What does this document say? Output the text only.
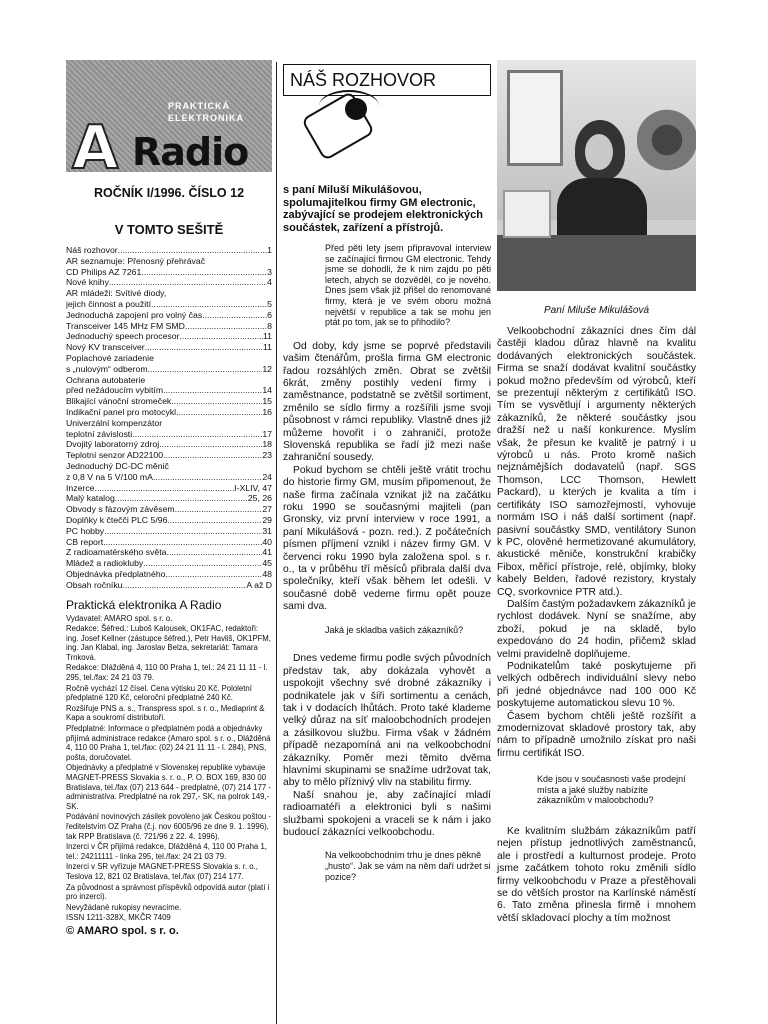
PRAKTICKÁ
ELEKTRONIKA
A Radio
ROČNÍK I/1996. ČÍSLO 12
V TOMTO SEŠITĚ
Náš rozhovor .....	1
AR seznamuje: Přenosný přehrávač
CD Philips AZ 7261 .....	3
Nové knihy .....	4
AR mládeži: Svítivé diody,
jejich činnost a použití .....	5
Jednoduchá zapojení pro volný čas .....	6
Transceiver 145 MHz FM SMD .....	8
Jednoduchý speech procesor .....	11
Nový KV transceiver .....	11
Poplachové zariadenie
s „nulovým“ odberom .....	12
Ochrana autobaterie
před nežádoucím vybitím .....	14
Blikající vánoční stromeček .....	15
Indikační panel pro motocykl .....	16
Univerzální kompenzátor
teplotní závislosti .....	17
Dvojitý laboratorný zdroj .....	18
Teplotní senzor AD22100 .....	23
Jednoduchý DC-DC měnič
z 0,8 V na 5 V/100 mA .....	24
Inzerce .....	I-XLIV, 47
Malý katalog .....	25, 26
Obvody s fázovým závěsem .....	27
Doplňky k čtečči PLC 5/96 .....	29
PC hobby .....	31
CB report .....	40
Z radioamatérského světa .....	41
Mládež a radiokluby .....	45
Objednávka předplatného .....	48
Obsah ročníku .....	A až D
Praktická elektronika A Radio

Vydavatel: AMARO spol. s r. o.

Redakce: Šéfred.: Luboš Kalousek, OK1FAC, redaktoři: ing. Josef Kellner (zástupce šéfred.), Petr Havliš, OK1PFM, ing. Jan Klabal, ing. Jaroslav Belza, sekretariát: Tamara Trnková.

Redakce: Dlážděná 4, 110 00 Praha 1, tel.: 24 21 11 11 - l. 295, tel./fax: 24 21 03 79.

Ročně vychází 12 čísel. Cena výtisku 20 Kč. Pololetní předplatné 120 Kč, celoroční předplatné 240 Kč.

Rozšiřuje PNS a. s., Transpress spol. s r. o., Mediaprint & Kapa a soukromí distributoři.

Předplatné: Informace o předplatném podá a objednávky přijímá administrace redakce (Amaro spol. s r. o., Dlážděná 4, 110 00 Praha 1, tel./fax: (02) 24 21 11 11 - l. 284), PNS, pošta, doručovatel.

Objednávky a předplatné v Slovenskej republike vybavuje MAGNET-PRESS Slovakia s. r. o., P. O. BOX 169, 830 00 Bratislava, tel./fax (07) 213 644 - predplatné, (07) 214 177 - administratíva. Predplatné na rok 297,- SK, na polrok 149,- SK.

Podávání novinových zásilek povoleno jak Českou poštou - ředitelstvím OZ Praha (č.j. nov 6005/96 ze dne 9. 1. 1996), tak RPP Bratislava (č. 721/96 z 22. 4. 1996).

Inzerci v ČR přijímá redakce, Dlážděná 4, 110 00 Praha 1, tel.: 24211111 - linka 295, tel./fax: 24 21 03 79.

Inzerci v SR vyřizuje MAGNET-PRESS Slovakia s. r. o., Teslova 12, 821 02 Bratislava, tel./fax (07) 214 177.

Za původnost a správnost příspěvků odpovídá autor (platí i pro inzerci).

Nevyžádané rukopisy nevracíme.

ISSN 1211-328X, MKČR 7409

© AMARO spol. s r. o.
NÁŠ ROZHOVOR
s paní Miluší Mikulášovou, spolumajitelkou firmy GM electronic, zabývající se prodejem elektronických součástek, zařízení a přístrojů.
Před pěti lety jsem připravoval interview se začínající firmou GM electronic. Tehdy jsme se dohodli, že k nim zajdu po pěti letech, abych se dozvěděl, co je nového. Dnes jsem však již přišel do renomované firmy, která je ve svém oboru možná největší v republice a tak se mohu jen ptát po tom, jak se to přihodilo?

Od doby, kdy jsme se poprvé představili vašim čtenářům, prošla firma GM electronic řadou rozsáhlých změn. Obrat se zvětšil 6krát, změny postihly vedení firmy i zaměstnance, podstatně se zvětšil sortiment, změnilo se sídlo firmy a rozšířili jsme svoji působnost v rámci republiky. Vlastně dnes již můžeme hovořit i o zahraničí, protože Slovenská republika se řadí již mezi naše zahraniční sousedy.

Pokud bychom se chtěli ještě vrátit trochu do historie firmy GM, musím připomenout, že naše firma začínala vznikat již na začátku roku 1990 se současnými majiteli (pan Gronsky, viz první interview v roce 1991, a paní Mikulášová - pozn. red.). Z počátečních písmen příjmení vznikl i název firmy GM. V červenci roku 1990 byla založena spol. s r. o., ta v průběhu tří měsíců přibrala další dva společníky, kteří však během let odešli. V současné době vedeme firmu opět pouze sami dva.

Jaká je skladba vašich zákazníků?

Dnes vedeme firmu podle svých původních představ tak, aby dokázala vyhovět a uspokojit všechny své drobné zákazníky i podnikatele jak v šíři sortimentu a cenách, tak i v dodacích lhůtách. Proto také klademe velký důraz na síť maloobchodních prodejen a zásilkovou službu. Firma však v žádném případě nezapomíná ani na velkoobchodní zákazníky. Poměr mezi těmito dvěma hlavními skupinami se snažíme udržovat tak, aby to mělo příznivý vliv na stabilitu firmy.

Naší snahou je, aby začínající mladí radioamatéři a elektronici byli s našimi službami spokojeni a vraceli se k nám i jako budoucí zákazníci velkoobchodu.

Na velkoobchodním trhu je dnes pěkně „husto“. Jak se vám na něm daří udržet si pozice?
Paní Miluše Mikulášová

Velkoobchodní zákazníci dnes čím dál častěji kladou důraz hlavně na kvalitu dodávaných elektronických součástek. Firma se snaží dodávat kvalitní součástky pokud možno především od výrobců, kteří se prezentují některým z certifikátů ISO. Tím se vysvětlují i argumenty některých zákazníků, že některé součástky jsou dražší než u naší konkurence. Myslím však, že přesun ke kvalitě je patrný i u výrobců u nás. Proto kromě našich nejznámějších dodavatelů (např. SGS Thomson, LCC Thomson, Hewlett Packard), u kterých je kvalita a tím i certifikáty ISO samozřejmostí, vyhovuje normám ISO i náš další sortiment (např. pasivní součástky SMD, ventilátory Sunon k PC, olověné hermetizované akumulátory, akustické měniče, konstrukční krabičky Fibox, měřicí přístroje, relé, objímky, bloky kabely Belden, řadové rezistory, krystaly CQ, svorkovnice PTR atd.).

Dalším častým požadavkem zákazníků je rychlost dodávek. Nyní se snažíme, aby zboží, pokud je na skladě, bylo expedováno do 24 hodin, přičemž sklad velmi pravidelně doplňujeme.

Podnikatelům také poskytujeme při velkých odběrech individuální slevy nebo při jedné objednávce nad 100 000 Kč poskytujeme automatickou slevu 10 %.

Časem bychom chtěli ještě rozšířit a zmodernizovat skladové prostory tak, aby nám to případně umožnilo získat pro naši firmu certifikát ISO.

Kde jsou v současnosti vaše prodejní místa a jaké služby nabízíte zákazníkům v maloobchodu?

Ke kvalitním službám zákazníkům patří nejen přístup jednotlivých zaměstnanců, ale i prostředí a kulturnost prodeje. Proto jsme začátkem tohoto roku změnili sídlo firmy velkoobchodu v Praze a přestěhovali se do větších prostor na Karlínské náměstí 6. Tato změna přinesla firmě i mnohem větší skladovací plochy a tím možnost
